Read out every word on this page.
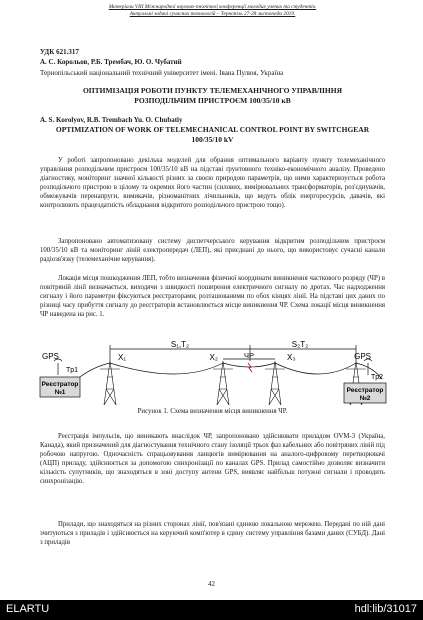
Матеріали VIII Міжнародної науково-технічної конференції молодих учених та студентів.
Актуальні задачі сучасних технологій – Тернопіль 27-28 листопада 2019.
УДК 621.317
А. С. Корольов, Р.Б. Трембач, Ю. О. Чубатий
Тернопільський національний технічний університет імені. Івана Пулюя, Україна
ОПТИМІЗАЦІЯ РОБОТИ ПУНКТУ ТЕЛЕМЕХАНІЧНОГО УПРАВЛІННЯ РОЗПОДІЛЬЧИМ ПРИСТРОЄМ 100/35/10 кВ
A. S. Korolyov, R.B. Trembach Yu. O. Chubatiy
OPTIMIZATION OF WORK OF TELEMECHANICAL CONTROL POINT BY SWITCHGEAR 100/35/10 kV

У роботі запропоновано декілька моделей для обрання оптимального варіанту пункту телемеханічного управління розподільчим пристроєм 100/35/10 кВ на підставі ґрунтовного техніко-економічного аналізу. Проведено діагностику, моніторинг значної кількості різних за своєю природою параметрів, що ними характеризується робота розподільчого пристрою в цілому та окремих його частин (силових, вимірювальних трансформаторів, роз'єднувачів, обмежувачів перенапруги, вимикачів, різноманітних лічильників, що ведуть облік енергоресурсів, давачів, які контролюють працездатність обладнання відкритого розподільчого пристрою тощо).

Запропоновано автоматизовану систему диспетчерського керування відкритим розподільчим пристроєм 100/35/10 кВ та моніторинг ліній електропередач (ЛЕП), які приєднані до нього, що використовує сучасні канали радіозв'язку (телемеханічне керування).

Локація місця пошкодження ЛЕП, тобто визначення фізичної координати виникнення часткового розряду (ЧР) в повітряній лінії визначається, виходячи з швидкості поширення електричного сигналу по дротах. Час надходження сигналу і його параметри фіксуються реєстраторами, розташованими по обох кінцях лінії. На підставі цих даних по різниці часу прибуття сигналу до реєстраторів встановлюється місце виникнення ЧР. Схема локації місця виникнення ЧР наведена на рис. 1.

S₁,T₂	S₂T₂
X₁	X₂	X₃
ЧР
GPS	GPS
Tp1
Tp2
Реєстратор
№1	Реєстратор
№2
Рисунок 1. Схема визначення місця виникнення ЧР.

Реєстрація імпульсів, що виникають внаслідок ЧР, запропоновано здійснювати приладом OVM-3 (Україна, Канада), який призначений для діагностування технічного стану ізоляції трьох фаз кабельних або повітряних ліній під робочою напругою. Одночасність спрацьовування ланцюгів вимірювання на аналого-цифровому перетворювачі (АЦП) приладу, здійснюється за допомогою синхронізації по каналах GPS. Прилад самостійно дозволяє визначити кількість супутників, що знаходяться в зоні доступу антени GPS, виявляє найбільш потужні сигнали і проводить синхронізацію.

Прилади, що знаходяться на різних сторонах лінії, пов'язані єдиною локальною мережею. Передані по ній дані зчитуються з приладів і здійснюється на керуючий комп'ютер в єдину систему управління базами даних (СУБД). Дані з приладів

42
ELARTU	hdl:lib/31017
